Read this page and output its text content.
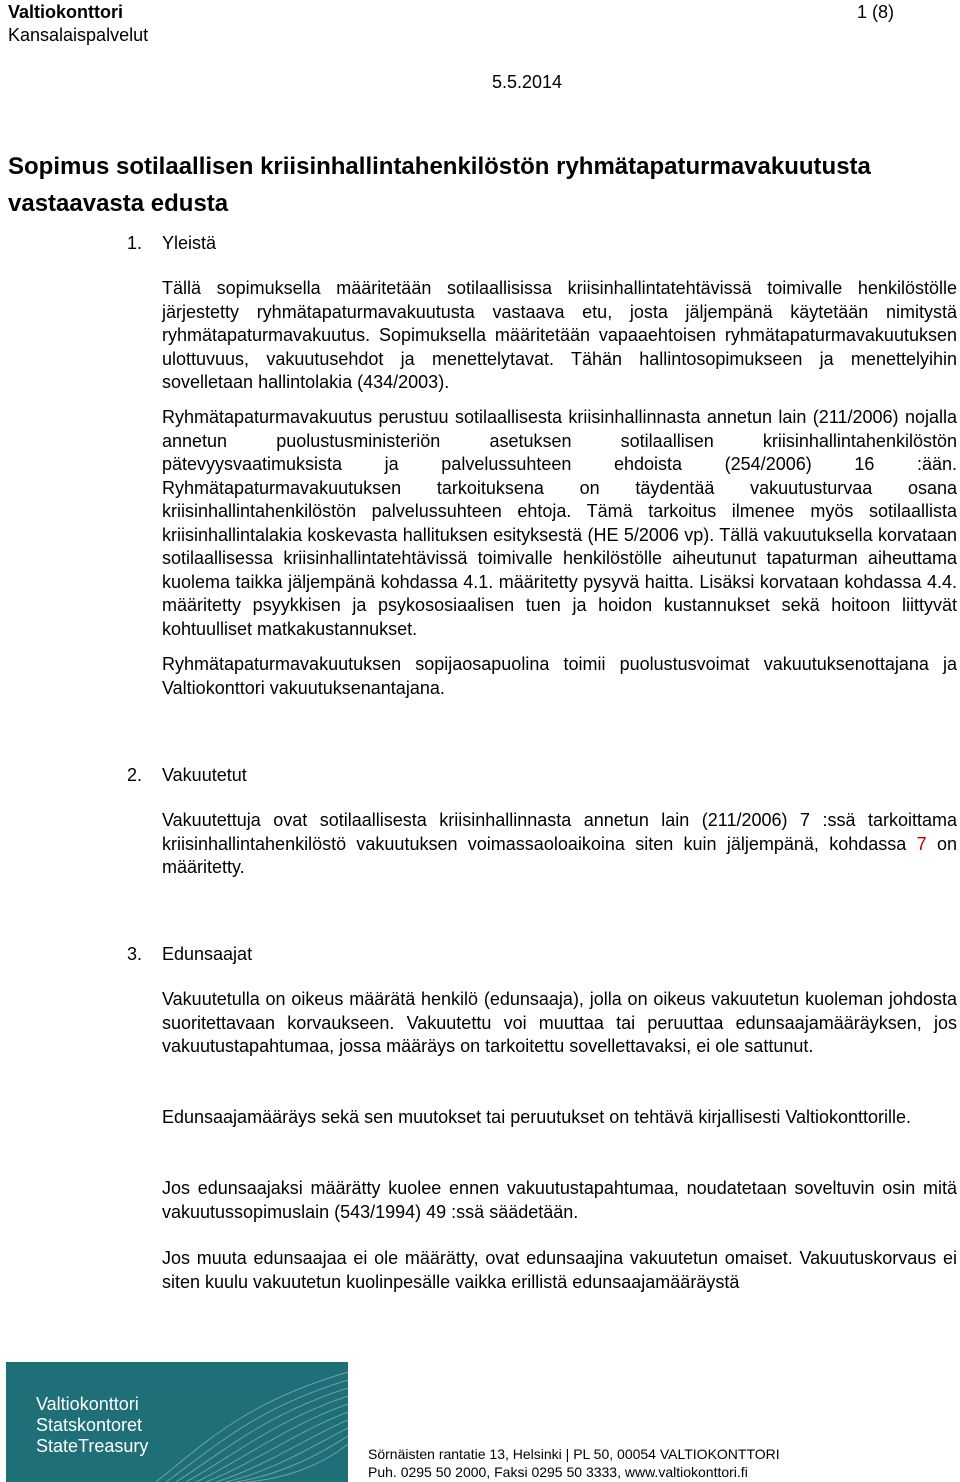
Valtiokonttori
Kansalaispalvelut
1 (8)
5.5.2014
Sopimus sotilaallisen kriisinhallintahenkilöstön ryhmätapaturmavakuutusta vastaavasta edusta
1. Yleistä

Tällä sopimuksella määritetään sotilaallisissa kriisinhallintatehtävissä toimivalle henkilöstölle järjestetty ryhmätapaturmavakuutusta vastaava etu, josta jäljempänä käytetään nimitystä ryhmätapaturmavakuutus. Sopimuksella määritetään vapaaehtoisen ryhmätapaturmavakuutuksen ulottuvuus, vakuutusehdot ja menettelytavat. Tähän hallintosopimukseen ja menettelyihin sovelletaan hallintolakia (434/2003).

Ryhmätapaturmavakuutus perustuu sotilaallisesta kriisinhallinnasta annetun lain (211/2006) nojalla annetun puolustusministeriön asetuksen sotilaallisen kriisinhallintahenkilöstön pätevyysvaatimuksista ja palvelussuhteen ehdoista (254/2006) 16 :ään. Ryhmätapaturmavakuutuksen tarkoituksena on täydentää vakuutusturvaa osana kriisinhallintahenkilöstön palvelussuhteen ehtoja. Tämä tarkoitus ilmenee myös sotilaallista kriisinhallintalakia koskevasta hallituksen esityksestä (HE 5/2006 vp). Tällä vakuutuksella korvataan sotilaallisessa kriisinhallintatehtävissä toimivalle henkilöstölle aiheutunut tapaturman aiheuttama kuolema taikka jäljempänä kohdassa 4.1. määritetty pysyvä haitta. Lisäksi korvataan kohdassa 4.4. määritetty psyykkisen ja psykososiaalisen tuen ja hoidon kustannukset sekä hoitoon liittyvät kohtuulliset matkakustannukset.

Ryhmätapaturmavakuutuksen sopijaosapuolina toimii puolustusvoimat vakuutuksenottajana ja Valtiokonttori vakuutuksenantajana.

2. Vakuutetut

Vakuutettuja ovat sotilaallisesta kriisinhallinnasta annetun lain (211/2006) 7 :ssä tarkoittama kriisinhallintahenkilöstö vakuutuksen voimassaoloaikoina siten kuin jäljempänä, kohdassa 7 on määritetty.

3. Edunsaajat

Vakuutetulla on oikeus määrätä henkilö (edunsaaja), jolla on oikeus vakuutetun kuoleman johdosta suoritettavaan korvaukseen. Vakuutettu voi muuttaa tai peruuttaa edunsaajamääräyksen, jos vakuutustapahtumaa, jossa määräys on tarkoitettu sovellettavaksi, ei ole sattunut.

Edunsaajamääräys sekä sen muutokset tai peruutukset on tehtävä kirjallisesti Valtiokonttorille.

Jos edunsaajaksi määrätty kuolee ennen vakuutustapahtumaa, noudatetaan soveltuvin osin mitä vakuutussopimuslain (543/1994) 49 :ssä säädetään.

Jos muuta edunsaajaa ei ole määrätty, ovat edunsaajina vakuutetun omaiset. Vakuutuskorvaus ei siten kuulu vakuutetun kuolinpesälle vaikka erillistä edunsaajamääräystä

Valtiokonttori
Statskontoret
StateTreasury	Sörnäisten rantatie 13, Helsinki | PL 50, 00054 VALTIOKONTTORI
Puh. 0295 50 2000, Faksi 0295 50 3333, www.valtiokonttori.fi
